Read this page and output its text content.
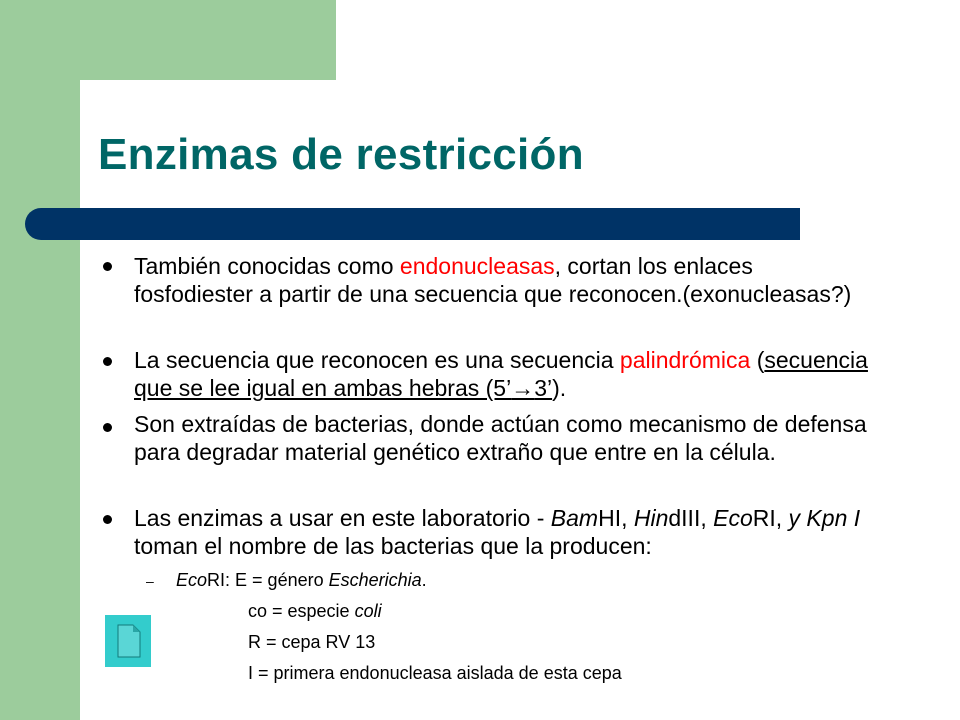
Enzimas de restricción

También conocidas como endonucleasas, cortan los enlaces fosfodiester a partir de una secuencia que reconocen.(exonucleasas?)

La secuencia que reconocen es una secuencia palindrómica (secuencia que se lee igual en ambas hebras (5’→3’).

Son extraídas de bacterias, donde actúan como mecanismo de defensa para degradar material genético extraño que entre en la célula.

Las enzimas a usar en este laboratorio - BamHI, HindIII, EcoRI, y Kpn I toman el nombre de las bacterias que la producen:

– EcoRI: E = género Escherichia.

co = especie coli

R = cepa RV 13

I = primera endonucleasa aislada de esta cepa
